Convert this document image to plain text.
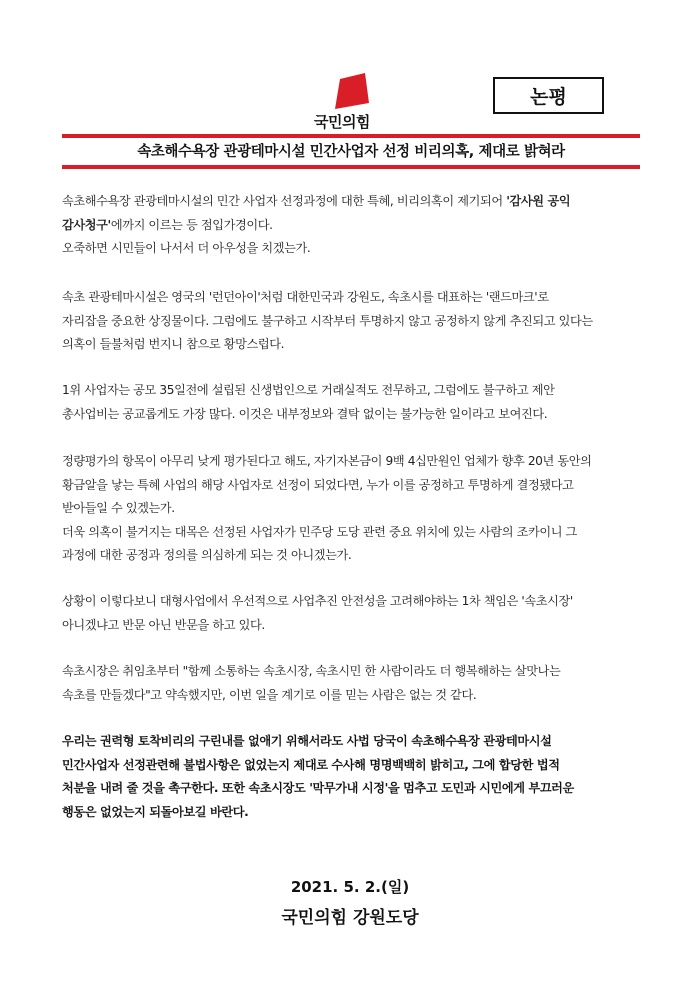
국민의힘
논평
속초해수욕장 관광테마시설 민간사업자 선정 비리의혹, 제대로 밝혀라
속초해수욕장 관광테마시설의 민간 사업자 선정과정에 대한 특혜, 비리의혹이 제기되어 '감사원 공익
감사청구'에까지 이르는 등 점입가경이다.
오죽하면 시민들이 나서서 더 아우성을 치겠는가.
속초 관광테마시설은 영국의 '런던아이'처럼 대한민국과 강원도, 속초시를 대표하는 '랜드마크'로
자리잡을 중요한 상징물이다. 그럼에도 불구하고 시작부터 투명하지 않고 공정하지 않게 추진되고 있다는
의혹이 들불처럼 번지니 참으로 황망스럽다.
1위 사업자는 공모 35일전에 설립된 신생법인으로 거래실적도 전무하고, 그럼에도 불구하고 제안
총사업비는 공교롭게도 가장 많다. 이것은 내부정보와 결탁 없이는 불가능한 일이라고 보여진다.
정량평가의 항목이 아무리 낮게 평가된다고 해도, 자기자본금이 9백 4십만원인 업체가 향후 20년 동안의
황금알을 낳는 특혜 사업의 해당 사업자로 선정이 되었다면, 누가 이를 공정하고 투명하게 결정됐다고
받아들일 수 있겠는가.
더욱 의혹이 불거지는 대목은 선정된 사업자가 민주당 도당 관련 중요 위치에 있는 사람의 조카이니 그
과정에 대한 공정과 정의를 의심하게 되는 것 아니겠는가.
상황이 이렇다보니 대형사업에서 우선적으로 사업추진 안전성을 고려해야하는 1차 책임은 '속초시장'
아니겠냐고 반문 아닌 반문을 하고 있다.
속초시장은 취임초부터 "함께 소통하는 속초시장, 속초시민 한 사람이라도 더 행복해하는 살맛나는
속초를 만들겠다"고 약속했지만, 이번 일을 계기로 이를 믿는 사람은 없는 것 같다.
우리는 권력형 토착비리의 구린내를 없애기 위해서라도 사법 당국이 속초해수욕장 관광테마시설
민간사업자 선정관련해 불법사항은 없었는지 제대로 수사해 명명백백히 밝히고, 그에 합당한 법적
처분을 내려 줄 것을 촉구한다. 또한 속초시장도 '막무가내 시정'을 멈추고 도민과 시민에게 부끄러운
행동은 없었는지 되돌아보길 바란다.
2021. 5. 2.(일)
국민의힘 강원도당
